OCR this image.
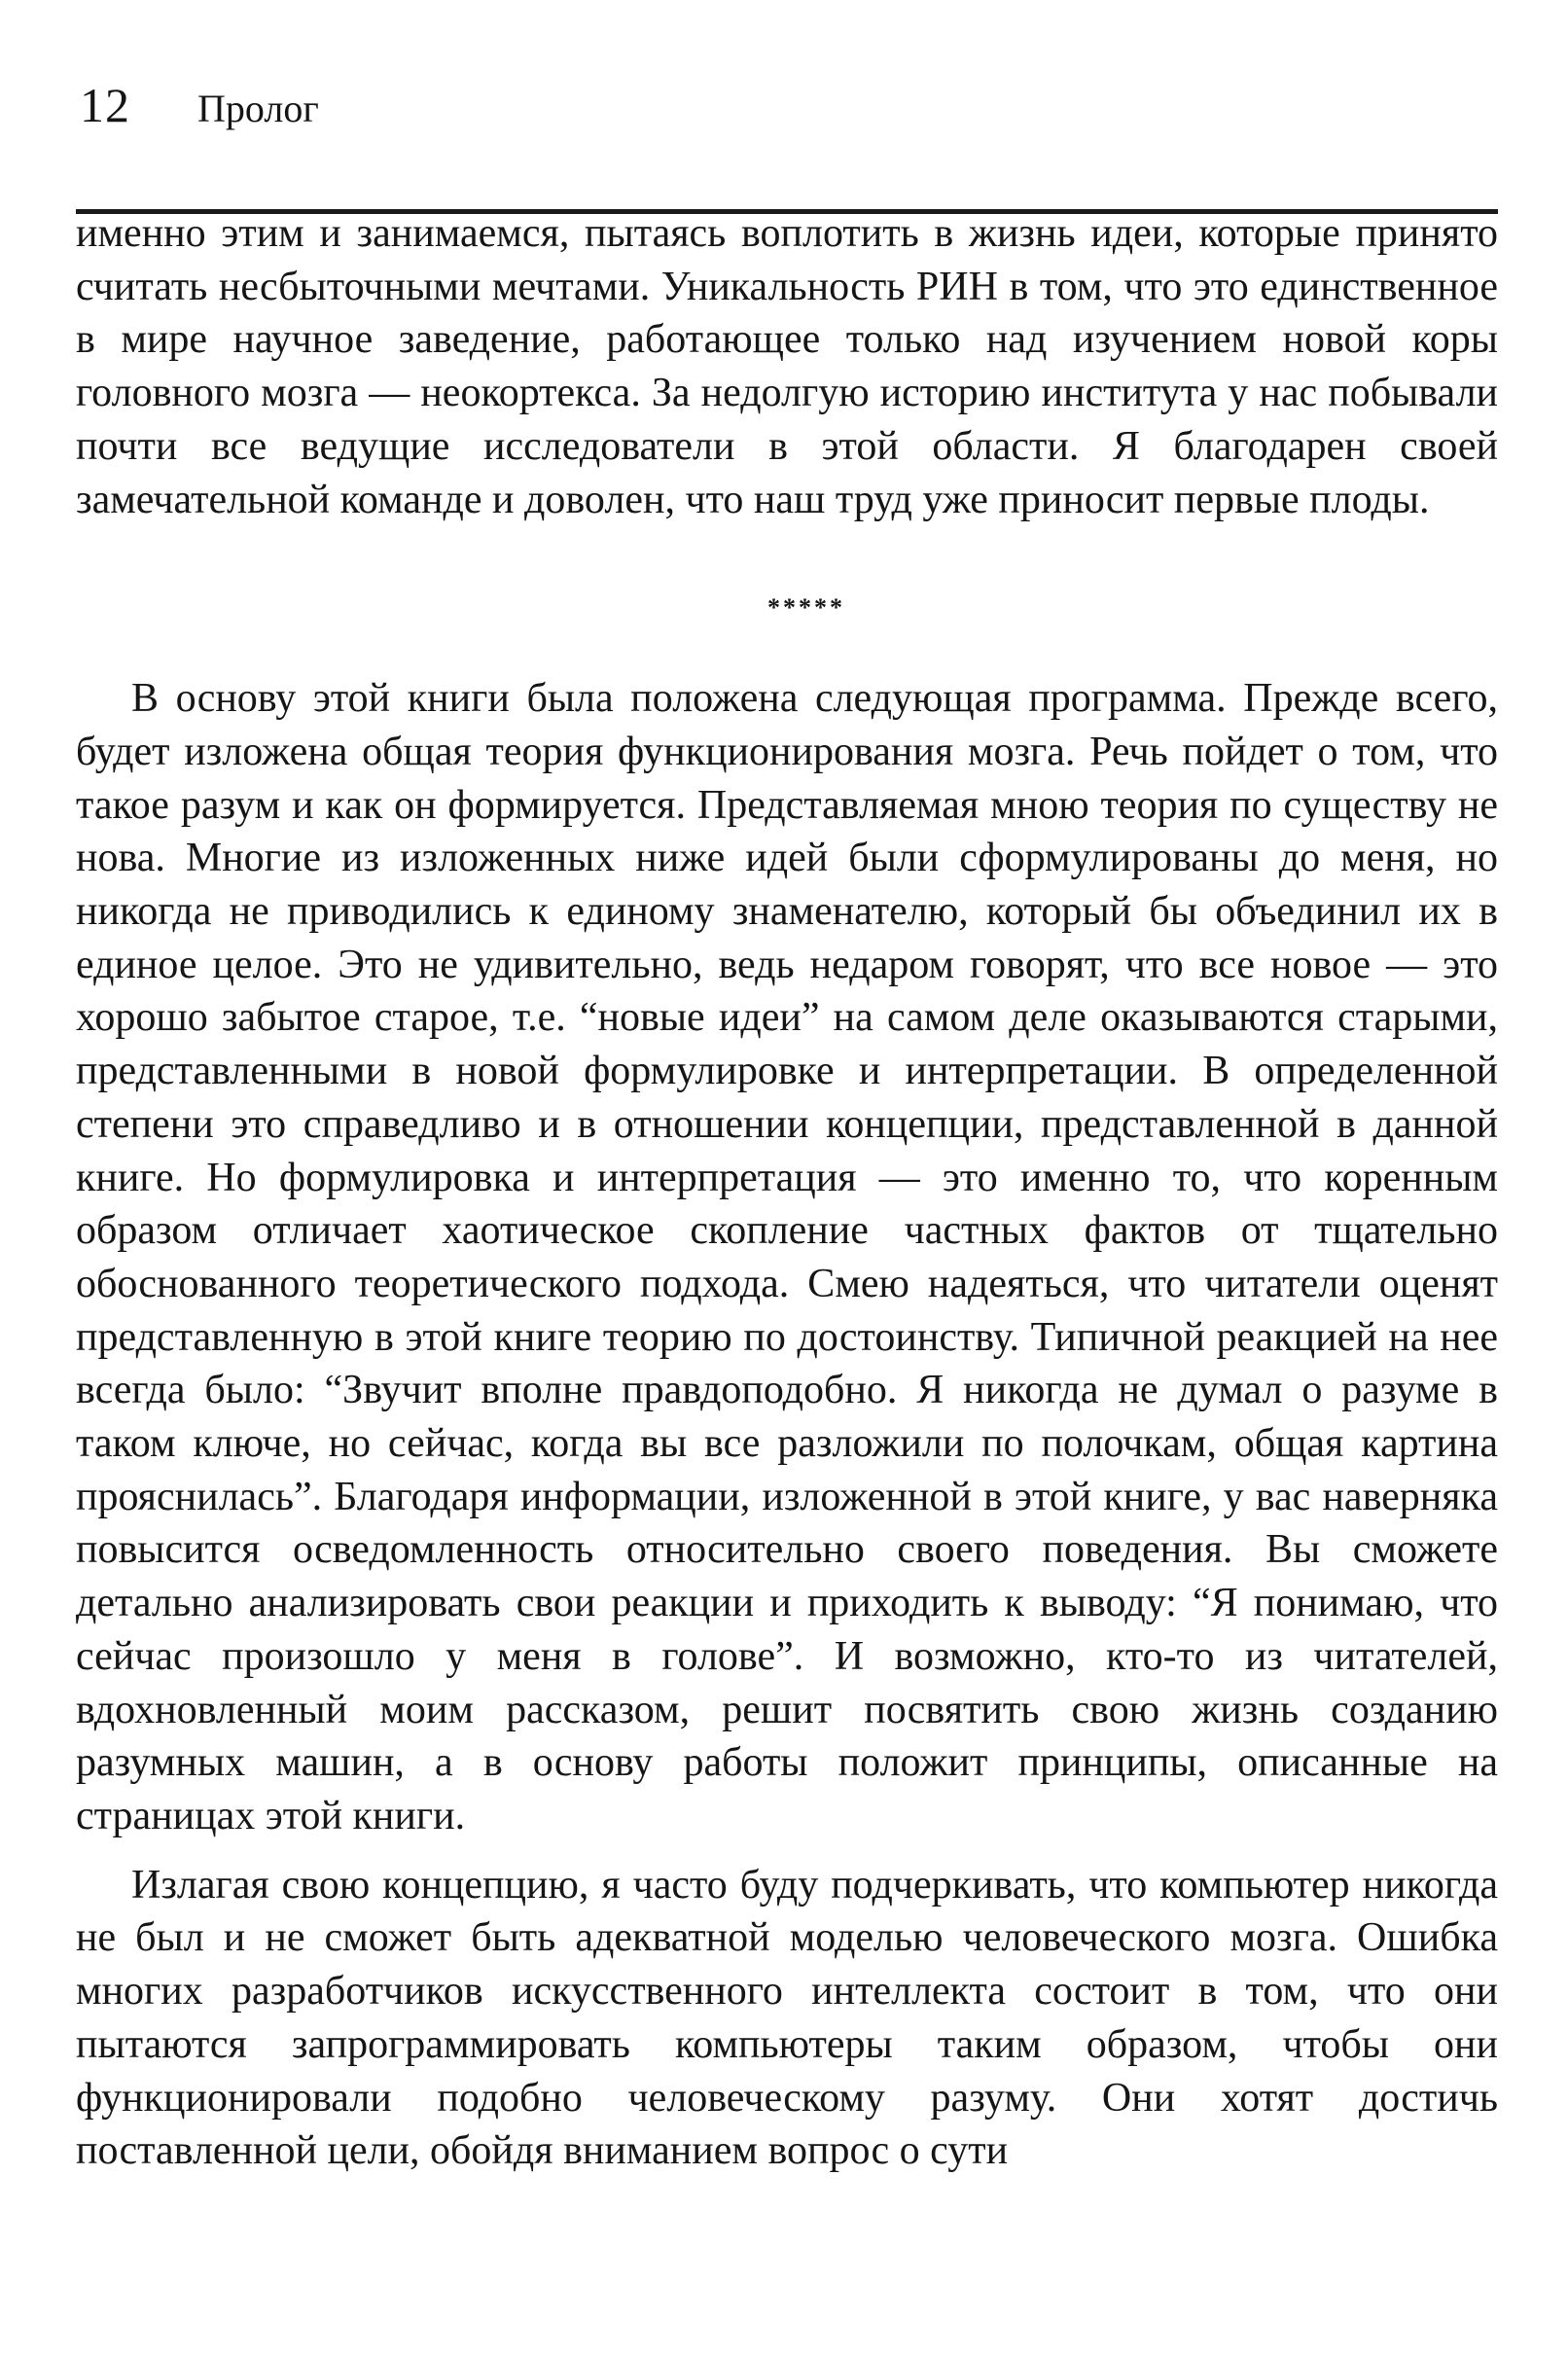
12 Пролог

именно этим и занимаемся, пытаясь воплотить в жизнь идеи, которые принято считать несбыточными мечтами. Уникальность РИН в том, что это единственное в мире научное заведение, работающее только над изучением новой коры головного мозга — неокортекса. За недолгую историю института у нас побывали почти все ведущие исследователи в этой области. Я благодарен своей замечательной команде и доволен, что наш труд уже приносит первые плоды.

*****

В основу этой книги была положена следующая программа. Прежде всего, будет изложена общая теория функционирования мозга. Речь пойдет о том, что такое разум и как он формируется. Представляемая мною теория по существу не нова. Многие из изложенных ниже идей были сформулированы до меня, но никогда не приводились к единому знаменателю, который бы объединил их в единое целое. Это не удивительно, ведь недаром говорят, что все новое — это хорошо забытое старое, т.е. “новые идеи” на самом деле оказываются старыми, представленными в новой формулировке и интерпретации. В определенной степени это справедливо и в отношении концепции, представленной в данной книге. Но формулировка и интерпретация — это именно то, что коренным образом отличает хаотическое скопление частных фактов от тщательно обоснованного теоретического подхода. Смею надеяться, что читатели оценят представленную в этой книге теорию по достоинству. Типичной реакцией на нее всегда было: “Звучит вполне правдоподобно. Я никогда не думал о разуме в таком ключе, но сейчас, когда вы все разложили по полочкам, общая картина прояснилась”. Благодаря информации, изложенной в этой книге, у вас наверняка повысится осведомленность относительно своего поведения. Вы сможете детально анализировать свои реакции и приходить к выводу: “Я понимаю, что сейчас произошло у меня в голове”. И возможно, кто-то из читателей, вдохновленный моим рассказом, решит посвятить свою жизнь созданию разумных машин, а в основу работы положит принципы, описанные на страницах этой книги.

Излагая свою концепцию, я часто буду подчеркивать, что компьютер никогда не был и не сможет быть адекватной моделью человеческого мозга. Ошибка многих разработчиков искусственного интеллекта состоит в том, что они пытаются запрограммировать компьютеры таким образом, чтобы они функционировали подобно человеческому разуму. Они хотят достичь поставленной цели, обойдя вниманием вопрос о сути
